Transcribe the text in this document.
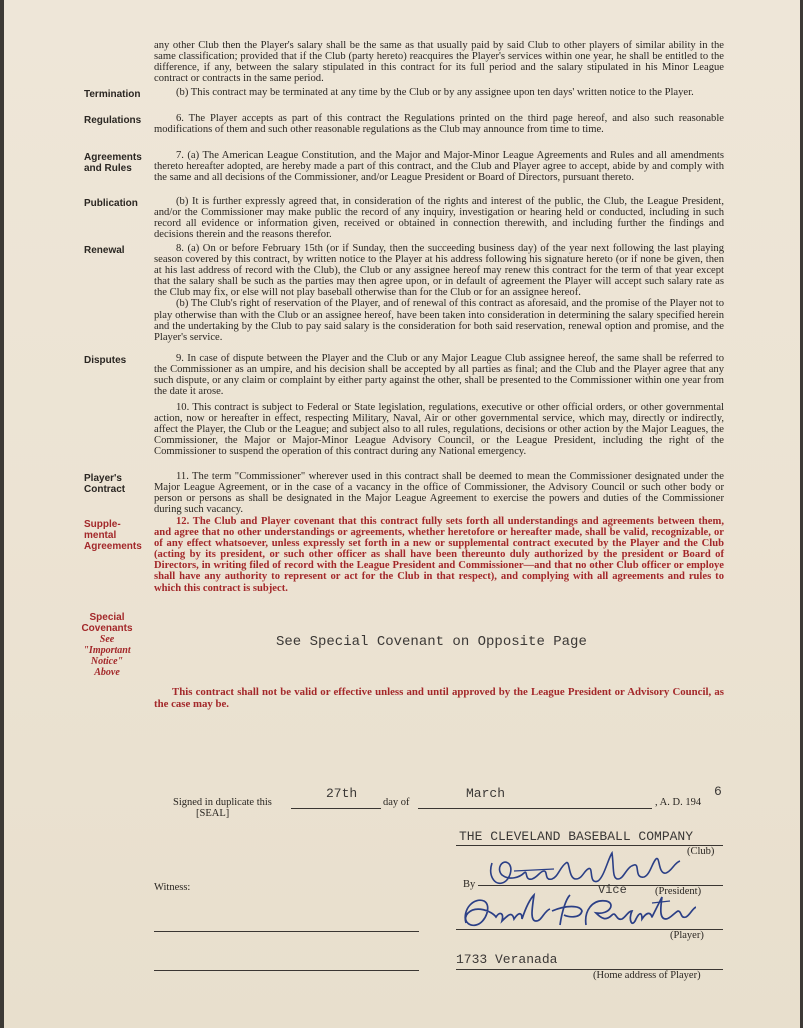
any other Club then the Player's salary shall be the same as that usually paid by said Club to other players of similar ability in the same classification; provided that if the Club (party hereto) reacquires the Player's services within one year, he shall be entitled to the difference, if any, between the salary stipulated in this contract for its full period and the salary stipulated in his Minor League contract or contracts in the same period.
Termination	(b) This contract may be terminated at any time by the Club or by any assignee upon ten days' written notice to the Player.

Regulations	6. The Player accepts as part of this contract the Regulations printed on the third page hereof, and also such reasonable modifications of them and such other reasonable regulations as the Club may announce from time to time.

Agreements
and Rules

7. (a) The American League Constitution, and the Major and Major-Minor League Agreements and Rules and all amendments thereto hereafter adopted, are hereby made a part of this contract, and the Club and Player agree to accept, abide by and comply with the same and all decisions of the Commissioner, and/or League President or Board of Directors, pursuant thereto.

Publication	(b) It is further expressly agreed that, in consideration of the rights and interest of the public, the Club, the League President, and/or the Commissioner may make public the record of any inquiry, investigation or hearing held or conducted, including in such record all evidence or information given, received or obtained in connection therewith, and including further the findings and decisions therein and the reasons therefor.

Renewal	8. (a) On or before February 15th (or if Sunday, then the succeeding business day) of the year next following the last playing season covered by this contract, by written notice to the Player at his address following his signature hereto (or if none be given, then at his last address of record with the Club), the Club or any assignee hereof may renew this contract for the term of that year except that the salary shall be such as the parties may then agree upon, or in default of agreement the Player will accept such salary rate as the Club may fix, or else will not play baseball otherwise than for the Club or for an assignee hereof.

(b) The Club's right of reservation of the Player, and of renewal of this contract as aforesaid, and the promise of the Player not to play otherwise than with the Club or an assignee hereof, have been taken into consideration in determining the salary specified herein and the undertaking by the Club to pay said salary is the consideration for both said reservation, renewal option and promise, and the Player's service.

Disputes	9. In case of dispute between the Player and the Club or any Major League Club assignee hereof, the same shall be referred to the Commissioner as an umpire, and his decision shall be accepted by all parties as final; and the Club and the Player agree that any such dispute, or any claim or complaint by either party against the other, shall be presented to the Commissioner within one year from the date it arose.

10. This contract is subject to Federal or State legislation, regulations, executive or other official orders, or other governmental action, now or hereafter in effect, respecting Military, Naval, Air or other governmental service, which may, directly or indirectly, affect the Player, the Club or the League; and subject also to all rules, regulations, decisions or other action by the Major Leagues, the Commissioner, the Major or Major-Minor League Advisory Council, or the League President, including the right of the Commissioner to suspend the operation of this contract during any National emergency.

Player's
Contract

11. The term "Commissioner" wherever used in this contract shall be deemed to mean the Commissioner designated under the Major League Agreement, or in the case of a vacancy in the office of Commissioner, the Advisory Council or such other body or person or persons as shall be designated in the Major League Agreement to exercise the powers and duties of the Commissioner during such vacancy.

Supple-
mental
Agreements

12. The Club and Player covenant that this contract fully sets forth all understandings and agreements between them, and agree that no other understandings or agreements, whether heretofore or hereafter made, shall be valid, recognizable, or of any effect whatsoever, unless expressly set forth in a new or supplemental contract executed by the Player and the Club (acting by its president, or such other officer as shall have been thereunto duly authorized by the president or Board of Directors, in writing filed of record with the League President and Commissioner—and that no other Club officer or employe shall have any authority to represent or act for the Club in that respect), and complying with all agreements and rules to which this contract is subject.

Special
Covenants
See
"Important
Notice"
Above
See Special Covenant on Opposite Page
This contract shall not be valid or effective unless and until approved by the League President or Advisory Council, as the case may be.
Signed in duplicate this
27th
day of
March
, A. D. 194
6
[SEAL]
THE CLEVELAND BASEBALL COMPANY
(Club)
By	Vice	(President)
Witness:
(Player)
1733 Veranada
(Home address of Player)
